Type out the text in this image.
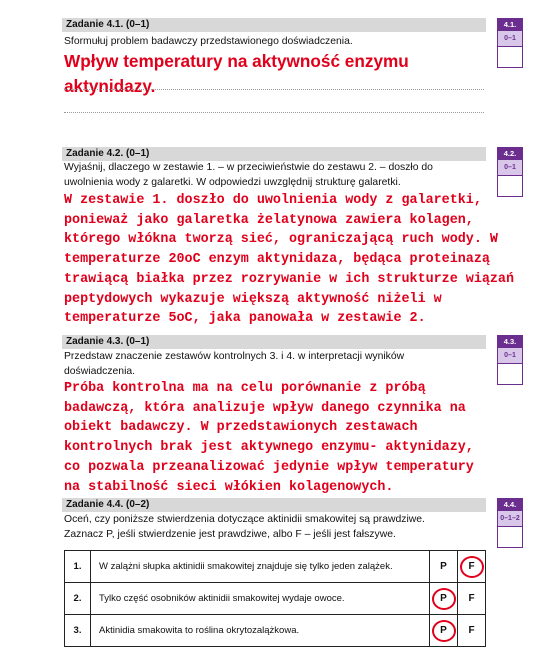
Zadanie 4.1. (0–1)
Sformułuj problem badawczy przedstawionego doświadczenia.
Wpływ temperatury na aktywność enzymu
aktynidazy.
4.1.
0–1
Zadanie 4.2. (0–1)
Wyjaśnij, dlaczego w zestawie 1. – w przeciwieństwie do zestawu 2. – doszło do
uwolnienia wody z galaretki. W odpowiedzi uwzględnij strukturę galaretki.
W zestawie 1. doszło do uwolnienia wody z galaretki,
ponieważ jako galaretka żelatynowa zawiera kolagen,
którego włókna tworzą sieć, ograniczającą ruch wody. W
temperaturze 20oC enzym aktynidaza, będąca proteinazą
trawiącą białka przez rozrywanie w ich strukturze wiązań
peptydowych wykazuje większą aktywność niżeli w
temperaturze 5oC, jaka panowała w zestawie 2.
4.2.
0–1
Zadanie 4.3. (0–1)
Przedstaw znaczenie zestawów kontrolnych 3. i 4. w interpretacji wyników
doświadczenia.
Próba kontrolna ma na celu porównanie z próbą
badawczą, która analizuje wpływ danego czynnika na
obiekt badawczy. W przedstawionych zestawach
kontrolnych brak jest aktywnego enzymu- aktynidazy,
co pozwala przeanalizować jedynie wpływ temperatury
na stabilność sieci włókien kolagenowych.
4.3.
0–1
Zadanie 4.4. (0–2)
Oceń, czy poniższe stwierdzenia dotyczące aktinidii smakowitej są prawdziwe.
Zaznacz P, jeśli stwierdzenie jest prawdziwe, albo F – jeśli jest fałszywe.
4.4.
0–1–2
1.	W zalążni słupka aktinidii smakowitej znajduje się tylko jeden zalążek.	P	F

2.	Tylko część osobników aktinidii smakowitej wydaje owoce.	P	F
3.	Aktinidia smakowita to roślina okrytozalążkowa.	P	F
